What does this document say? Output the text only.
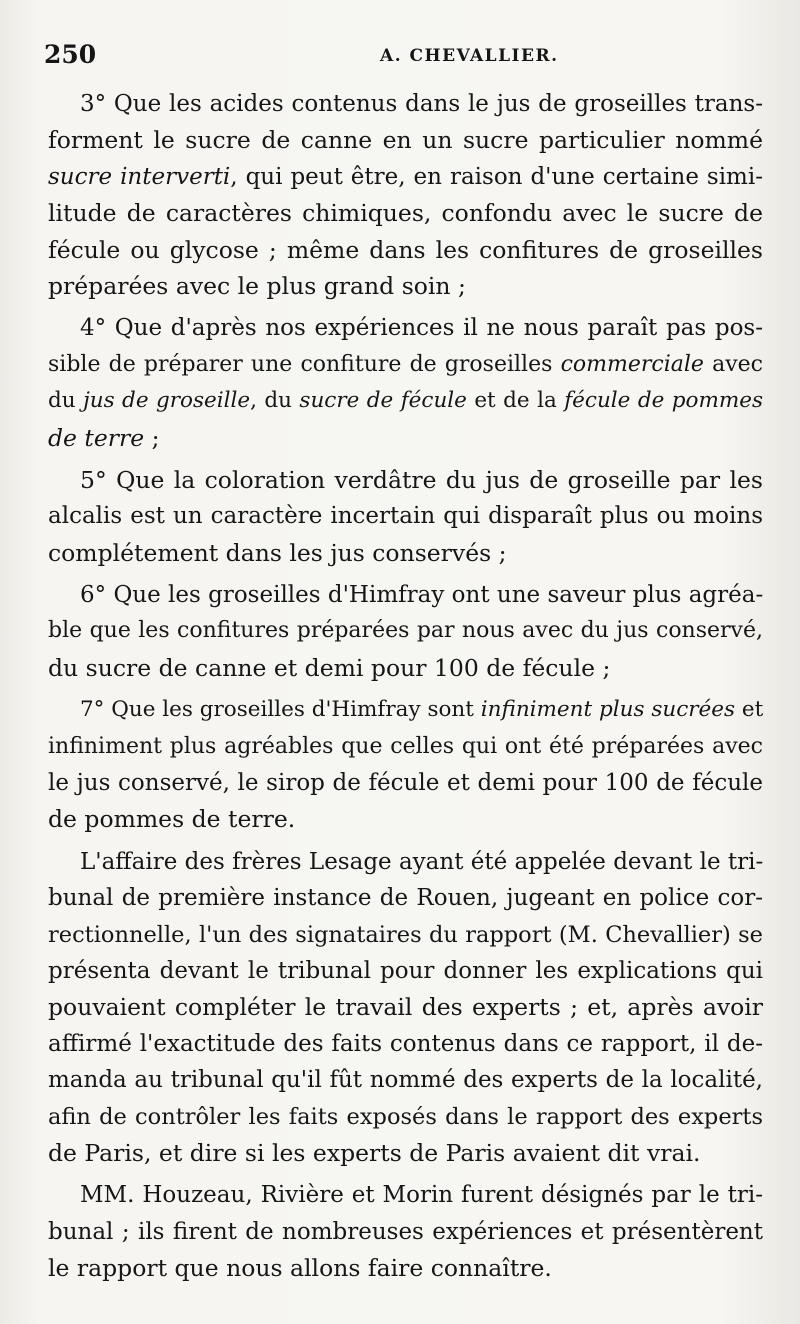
250	A. CHEVALLIER.
3° Que les acides contenus dans le jus de groseilles trans-
forment le sucre de canne en un sucre particulier nommé
sucre interverti, qui peut être, en raison d'une certaine simi-
litude de caractères chimiques, confondu avec le sucre de
fécule ou glycose ; même dans les confitures de groseilles
préparées avec le plus grand soin ;
4° Que d'après nos expériences il ne nous paraît pas pos-
sible de préparer une confiture de groseilles commerciale avec
du jus de groseille, du sucre de fécule et de la fécule de pommes
de terre ;
5° Que la coloration verdâtre du jus de groseille par les
alcalis est un caractère incertain qui disparaît plus ou moins
complétement dans les jus conservés ;
6° Que les groseilles d'Himfray ont une saveur plus agréa-
ble que les confitures préparées par nous avec du jus conservé,
du sucre de canne et demi pour 100 de fécule ;
7° Que les groseilles d'Himfray sont infiniment plus sucrées et
infiniment plus agréables que celles qui ont été préparées avec
le jus conservé, le sirop de fécule et demi pour 100 de fécule
de pommes de terre.
L'affaire des frères Lesage ayant été appelée devant le tri-
bunal de première instance de Rouen, jugeant en police cor-
rectionnelle, l'un des signataires du rapport (M. Chevallier) se
présenta devant le tribunal pour donner les explications qui
pouvaient compléter le travail des experts ; et, après avoir
affirmé l'exactitude des faits contenus dans ce rapport, il de-
manda au tribunal qu'il fût nommé des experts de la localité,
afin de contrôler les faits exposés dans le rapport des experts
de Paris, et dire si les experts de Paris avaient dit vrai.
MM. Houzeau, Rivière et Morin furent désignés par le tri-
bunal ; ils firent de nombreuses expériences et présentèrent
le rapport que nous allons faire connaître.
